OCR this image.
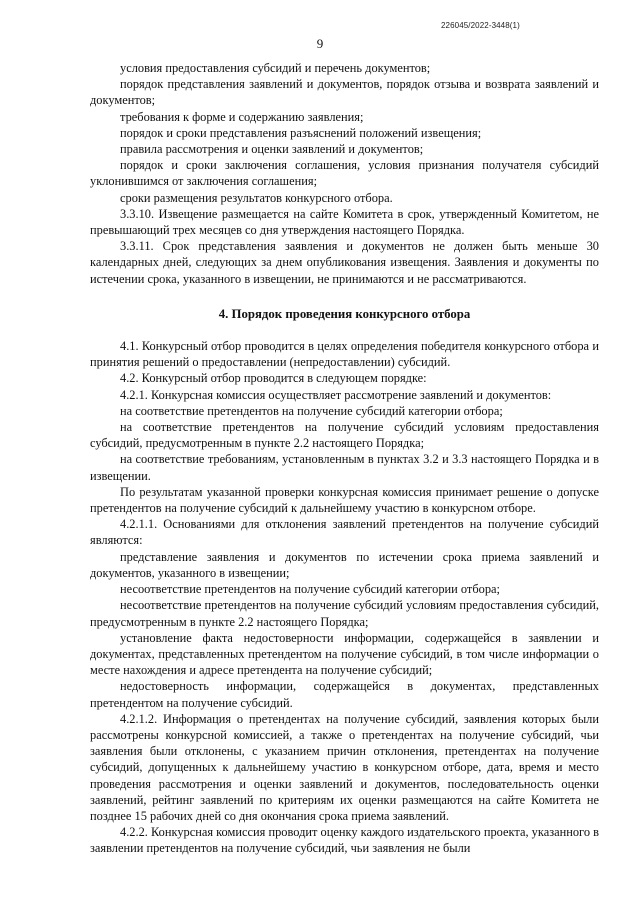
226045/2022-3448(1)
9

условия предоставления субсидий и перечень документов;

порядок представления заявлений и документов, порядок отзыва и возврата заявлений и документов;

требования к форме и содержанию заявления;

порядок и сроки представления разъяснений положений извещения;

правила рассмотрения и оценки заявлений и документов;

порядок и сроки заключения соглашения, условия признания получателя субсидий уклонившимся от заключения соглашения;

сроки размещения результатов конкурсного отбора.

3.3.10. Извещение размещается на сайте Комитета в срок, утвержденный Комитетом, не превышающий трех месяцев со дня утверждения настоящего Порядка.

3.3.11. Срок представления заявления и документов не должен быть меньше 30 календарных дней, следующих за днем опубликования извещения. Заявления и документы по истечении срока, указанного в извещении, не принимаются и не рассматриваются.

4. Порядок проведения конкурсного отбора

4.1. Конкурсный отбор проводится в целях определения победителя конкурсного отбора и принятия решений о предоставлении (непредоставлении) субсидий.

4.2. Конкурсный отбор проводится в следующем порядке:

4.2.1. Конкурсная комиссия осуществляет рассмотрение заявлений и документов:

на соответствие претендентов на получение субсидий категории отбора;

на соответствие претендентов на получение субсидий условиям предоставления субсидий, предусмотренным в пункте 2.2 настоящего Порядка;

на соответствие требованиям, установленным в пунктах 3.2 и 3.3 настоящего Порядка и в извещении.

По результатам указанной проверки конкурсная комиссия принимает решение о допуске претендентов на получение субсидий к дальнейшему участию в конкурсном отборе.

4.2.1.1. Основаниями для отклонения заявлений претендентов на получение субсидий являются:

представление заявления и документов по истечении срока приема заявлений и документов, указанного в извещении;

несоответствие претендентов на получение субсидий категории отбора;

несоответствие претендентов на получение субсидий условиям предоставления субсидий, предусмотренным в пункте 2.2 настоящего Порядка;

установление факта недостоверности информации, содержащейся в заявлении и документах, представленных претендентом на получение субсидий, в том числе информации о месте нахождения и адресе претендента на получение субсидий;

недостоверность информации, содержащейся в документах, представленных претендентом на получение субсидий.

4.2.1.2. Информация о претендентах на получение субсидий, заявления которых были рассмотрены конкурсной комиссией, а также о претендентах на получение субсидий, чьи заявления были отклонены, с указанием причин отклонения, претендентах на получение субсидий, допущенных к дальнейшему участию в конкурсном отборе, дата, время и место проведения рассмотрения и оценки заявлений и документов, последовательность оценки заявлений, рейтинг заявлений по критериям их оценки размещаются на сайте Комитета не позднее 15 рабочих дней со дня окончания срока приема заявлений.

4.2.2. Конкурсная комиссия проводит оценку каждого издательского проекта, указанного в заявлении претендентов на получение субсидий, чьи заявления не были
